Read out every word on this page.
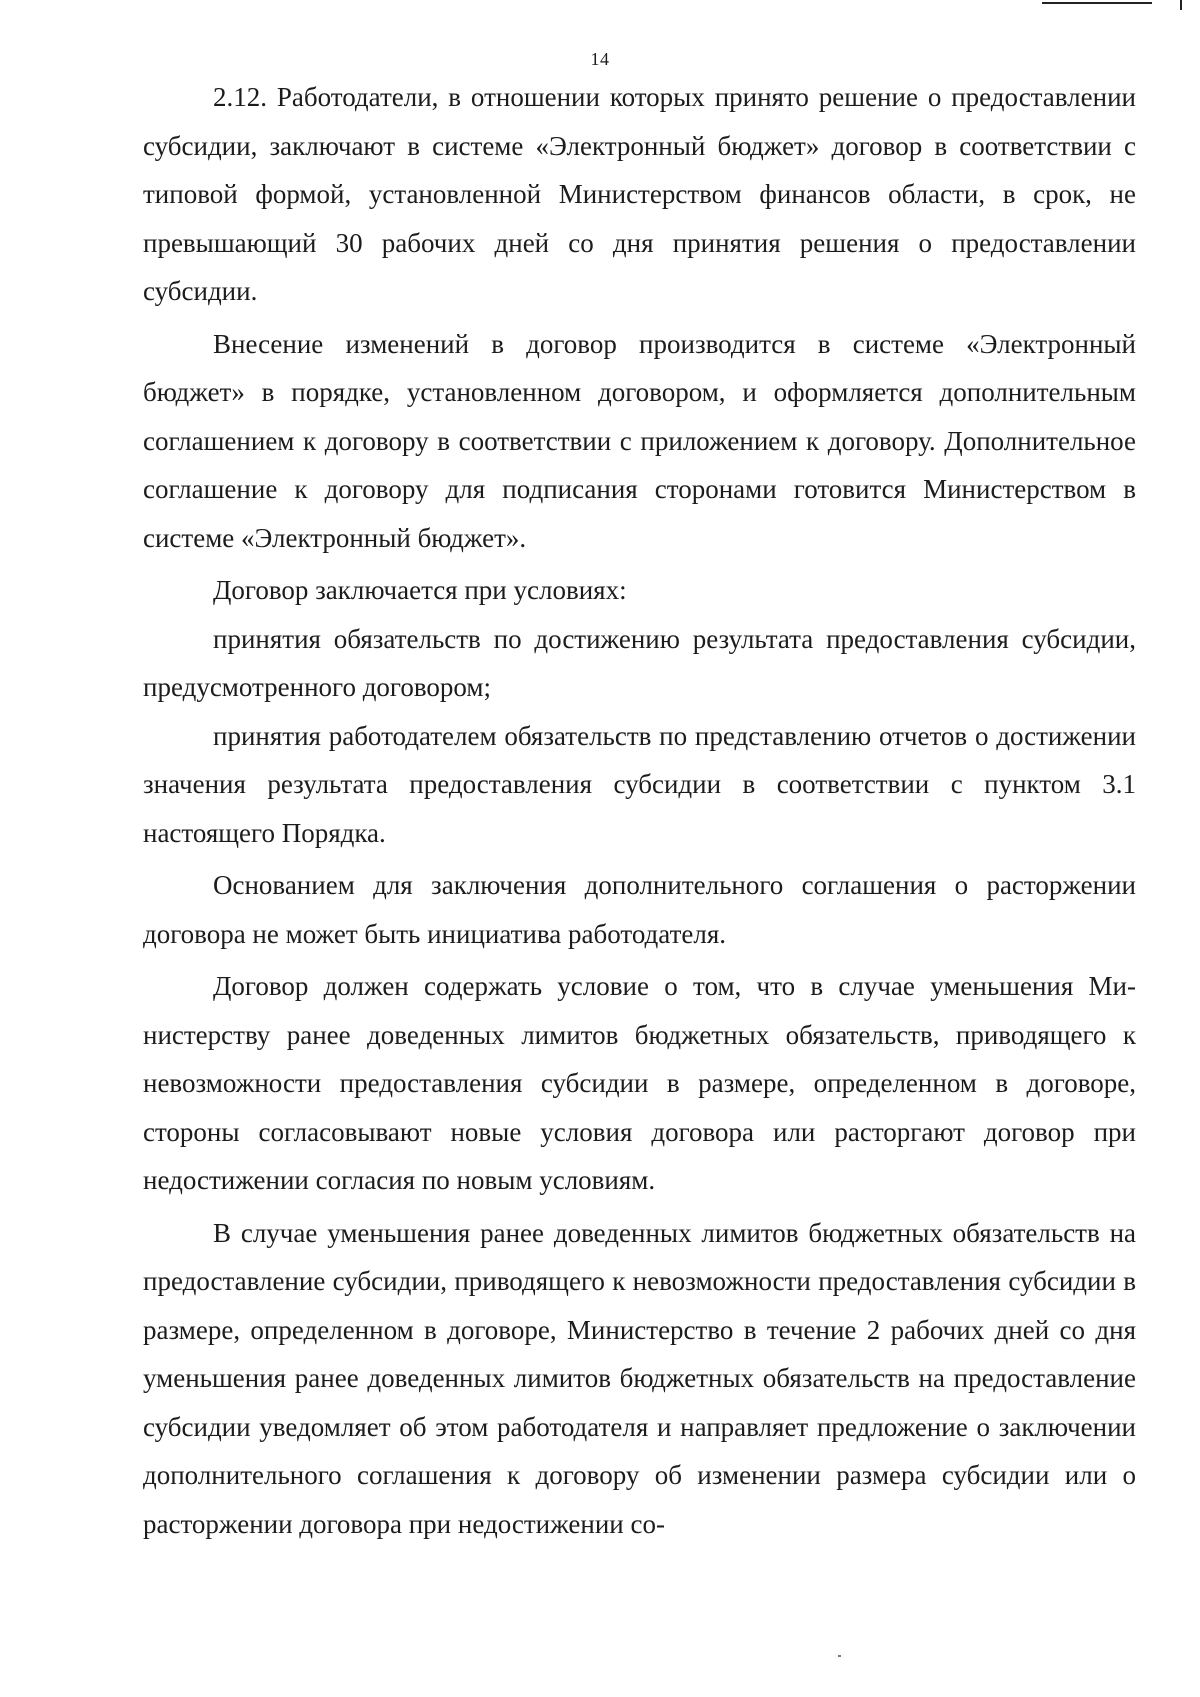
14

2.12. Работодатели, в отношении которых принято решение о предоставлении субсидии, заключают в системе «Электронный бюджет» договор в соответствии с типовой формой, установленной Министерством финансов области, в срок, не превышающий 30 рабочих дней со дня принятия решения о предоставлении субсидии.

Внесение изменений в договор производится в системе «Электронный бюджет» в порядке, установленном договором, и оформляется дополнительным соглашением к договору в соответствии с приложением к договору. Дополнительное соглашение к договору для подписания сторонами готовится Министерством в системе «Электронный бюджет».

Договор заключается при условиях:

принятия обязательств по достижению результата предоставления субсидии, предусмотренного договором;

принятия работодателем обязательств по представлению отчетов о достижении значения результата предоставления субсидии в соответствии с пунктом 3.1 настоящего Порядка.

Основанием для заключения дополнительного соглашения о расторжении договора не может быть инициатива работодателя.

Договор должен содержать условие о том, что в случае уменьшения Министерству ранее доведенных лимитов бюджетных обязательств, приводящего к невозможности предоставления субсидии в размере, определенном в договоре, стороны согласовывают новые условия договора или расторгают договор при недостижении согласия по новым условиям.

В случае уменьшения ранее доведенных лимитов бюджетных обязательств на предоставление субсидии, приводящего к невозможности предоставления субсидии в размере, определенном в договоре, Министерство в течение 2 рабочих дней со дня уменьшения ранее доведенных лимитов бюджетных обязательств на предоставление субсидии уведомляет об этом работодателя и направляет предложение о заключении дополнительного соглашения к договору об изменении размера субсидии или о расторжении договора при недостижении со-
